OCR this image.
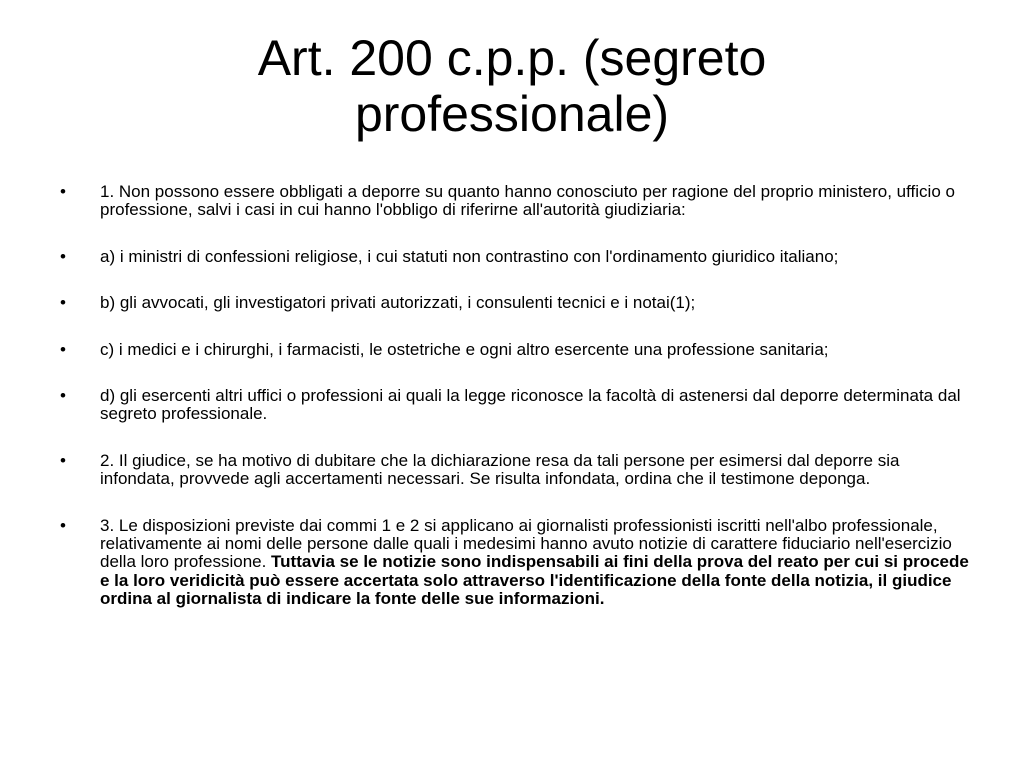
Art. 200 c.p.p. (segreto
professionale)
• 1. Non possono essere obbligati a deporre su quanto hanno conosciuto per ragione del proprio ministero, ufficio o professione, salvi i casi in cui hanno l'obbligo di riferirne all'autorità giudiziaria:
• a) i ministri di confessioni religiose, i cui statuti non contrastino con l'ordinamento giuridico italiano;
• b) gli avvocati, gli investigatori privati autorizzati, i consulenti tecnici e i notai(1);
• c) i medici e i chirurghi, i farmacisti, le ostetriche e ogni altro esercente una professione sanitaria;
• d) gli esercenti altri uffici o professioni ai quali la legge riconosce la facoltà di astenersi dal deporre determinata dal segreto professionale.
• 2. Il giudice, se ha motivo di dubitare che la dichiarazione resa da tali persone per esimersi dal deporre sia infondata, provvede agli accertamenti necessari. Se risulta infondata, ordina che il testimone deponga.
• 3. Le disposizioni previste dai commi 1 e 2 si applicano ai giornalisti professionisti iscritti nell'albo professionale, relativamente ai nomi delle persone dalle quali i medesimi hanno avuto notizie di carattere fiduciario nell'esercizio della loro professione. Tuttavia se le notizie sono indispensabili ai fini della prova del reato per cui si procede e la loro veridicità può essere accertata solo attraverso l'identificazione della fonte della notizia, il giudice ordina al giornalista di indicare la fonte delle sue informazioni.
